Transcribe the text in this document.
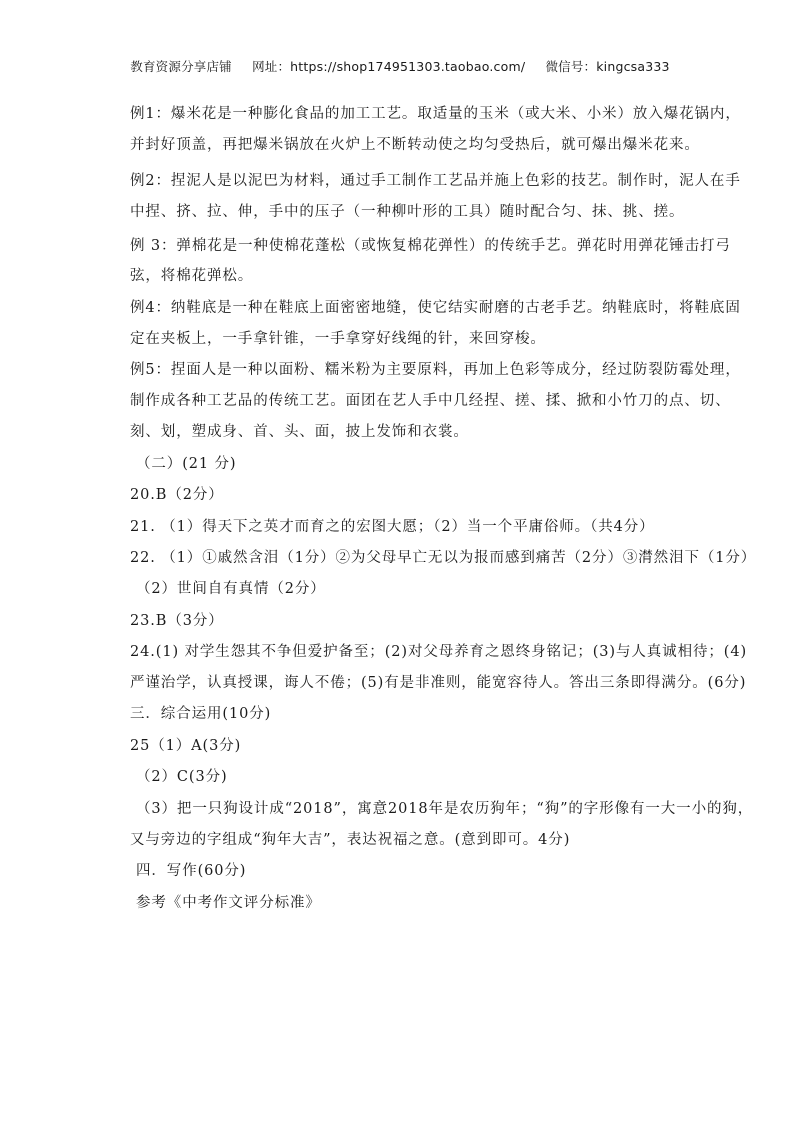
教育资源分享店铺 网址：https://shop174951303.taobao.com/ 微信号：kingcsa333
例1：爆米花是一种膨化食品的加工工艺。取适量的玉米（或大米、小米）放入爆花锅内，
并封好顶盖，再把爆米锅放在火炉上不断转动使之均匀受热后，就可爆出爆米花来。
例2：捏泥人是以泥巴为材料，通过手工制作工艺品并施上色彩的技艺。制作时，泥人在手
中捏、挤、拉、伸，手中的压子（一种柳叶形的工具）随时配合匀、抹、挑、搓。
例 3：弹棉花是一种使棉花蓬松（或恢复棉花弹性）的传统手艺。弹花时用弹花锤击打弓
弦，将棉花弹松。
例4：纳鞋底是一种在鞋底上面密密地缝，使它结实耐磨的古老手艺。纳鞋底时，将鞋底固
定在夹板上，一手拿针锥，一手拿穿好线绳的针，来回穿梭。
例5：捏面人是一种以面粉、糯米粉为主要原料，再加上色彩等成分，经过防裂防霉处理，
制作成各种工艺品的传统工艺。面团在艺人手中几经捏、搓、揉、掀和小竹刀的点、切、
刻、划，塑成身、首、头、面，披上发饰和衣裳。
（二）(21 分)
20.B（2分）
21. （1）得天下之英才而育之的宏图大愿；（2）当一个平庸俗师。（共4分）
22. （1）①戚然含泪（1分）②为父母早亡无以为报而感到痛苦（2分）③潸然泪下（1分）
（2）世间自有真情（2分）
23.B（3分）
24.(1) 对学生怨其不争但爱护备至；(2)对父母养育之恩终身铭记；(3)与人真诚相待；(4)
严谨治学，认真授课，诲人不倦；(5)有是非准则，能宽容待人。答出三条即得满分。(6分)
三．综合运用(10分)
25（1）A(3分)
（2）C(3分)
（3）把一只狗设计成“2018”，寓意2018年是农历狗年；“狗”的字形像有一大一小的狗，
又与旁边的字组成“狗年大吉”，表达祝福之意。(意到即可。4分)
四．写作(60分)
参考《中考作文评分标准》
